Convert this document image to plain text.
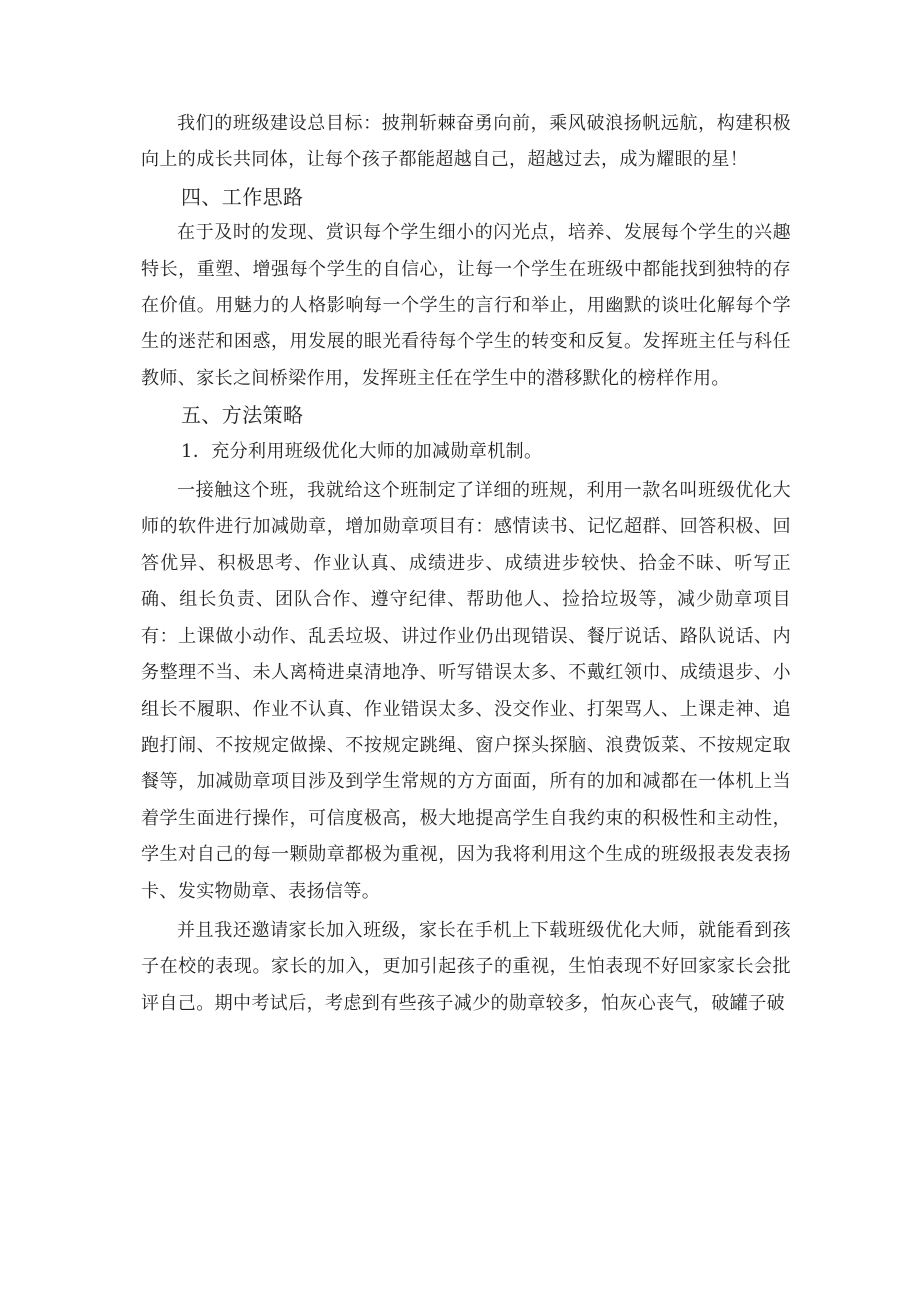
我们的班级建设总目标：披荆斩棘奋勇向前，乘风破浪扬帆远航，构建积极向上的成长共同体，让每个孩子都能超越自己，超越过去，成为耀眼的星！

四、工作思路

在于及时的发现、赏识每个学生细小的闪光点，培养、发展每个学生的兴趣特长，重塑、增强每个学生的自信心，让每一个学生在班级中都能找到独特的存在价值。用魅力的人格影响每一个学生的言行和举止，用幽默的谈吐化解每个学生的迷茫和困惑，用发展的眼光看待每个学生的转变和反复。发挥班主任与科任教师、家长之间桥梁作用，发挥班主任在学生中的潜移默化的榜样作用。

五、方法策略

1．充分利用班级优化大师的加减勋章机制。

一接触这个班，我就给这个班制定了详细的班规，利用一款名叫班级优化大师的软件进行加减勋章，增加勋章项目有：感情读书、记忆超群、回答积极、回答优异、积极思考、作业认真、成绩进步、成绩进步较快、拾金不昧、听写正确、组长负责、团队合作、遵守纪律、帮助他人、捡拾垃圾等，减少勋章项目有：上课做小动作、乱丢垃圾、讲过作业仍出现错误、餐厅说话、路队说话、内务整理不当、未人离椅进桌清地净、听写错误太多、不戴红领巾、成绩退步、小组长不履职、作业不认真、作业错误太多、没交作业、打架骂人、上课走神、追跑打闹、不按规定做操、不按规定跳绳、窗户探头探脑、浪费饭菜、不按规定取餐等，加减勋章项目涉及到学生常规的方方面面，所有的加和减都在一体机上当着学生面进行操作，可信度极高，极大地提高学生自我约束的积极性和主动性，学生对自己的每一颗勋章都极为重视，因为我将利用这个生成的班级报表发表扬卡、发实物勋章、表扬信等。

并且我还邀请家长加入班级，家长在手机上下载班级优化大师，就能看到孩子在校的表现。家长的加入，更加引起孩子的重视，生怕表现不好回家家长会批评自己。期中考试后，考虑到有些孩子减少的勋章较多，怕灰心丧气，破罐子破
